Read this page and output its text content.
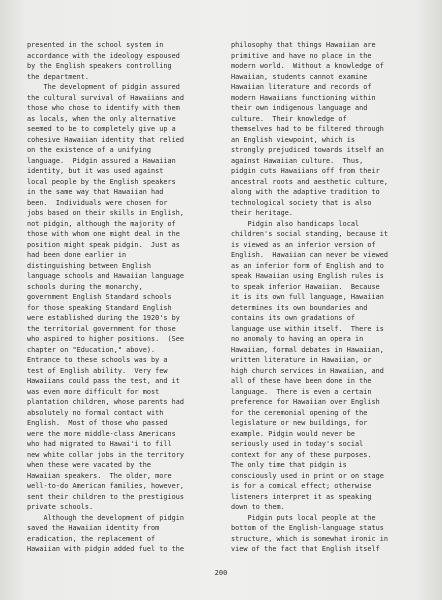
presented in the school system in
accordance with the ideology espoused
by the English speakers controlling
the department.
The development of pidgin assured
the cultural survival of Hawaiians and
those who chose to identify with them
as locals, when the only alternative
seemed to be to completely give up a
cohesive Hawaiian identity that relied
on the existence of a unifying
language.  Pidgin assured a Hawaiian
identity, but it was used against
local people by the English speakers
in the same way that Hawaiian had
been.  Individuals were chosen for
jobs based on their skills in English,
not pidgin, although the majority of
those with whom one might deal in the
position might speak pidgin.  Just as
had been done earlier in
distinguishing between English
language schools and Hawaiian language
schools during the monarchy,
government English Standard schools
for those speaking Standard English
were established during the 1920's by
the territorial government for those
who aspired to higher positions.  (See
chapter on "Education," above).
Entrance to these schools was by a
test of English ability.  Very few
Hawaiians could pass the test, and it
was even more difficult for most
plantation children, whose parents had
absolutely no formal contact with
English.  Most of those who passed
were the more middle-class Americans
who had migrated to Hawai'i to fill
new white collar jobs in the territory
when these were vacated by the
Hawaiian speakers.  The older, more
well-to-do American families, however,
sent their children to the prestigious
private schools.
Although the development of pidgin
saved the Hawaiian identity from
eradication, the replacement of
Hawaiian with pidgin added fuel to the
philosophy that things Hawaiian are
primitive and have no place in the
modern world.  Without a knowledge of
Hawaiian, students cannot examine
Hawaiian literature and records of
modern Hawaiians functioning within
their own indigenous language and
culture.  Their knowledge of
themselves had to be filtered through
an English viewpoint, which is
strongly prejudiced towards itself an
against Hawaiian culture.  Thus,
pidgin cuts Hawaiians off from their
ancestral roots and aesthetic culture,
along with the adaptive tradition to
technological society that is also
their heritage.
Pidgin also handicaps local
children's social standing, because it
is viewed as an inferior version of
English.  Hawaiian can never be viewed
as an inferior form of English and to
speak Hawaiian using English rules is
to speak inferior Hawaiian.  Because
it is its own full language, Hawaiian
determines its own boundaries and
contains its own gradations of
language use within itself.  There is
no anomaly to having an opera in
Hawaiian, formal debates in Hawaiian,
written literature in Hawaiian, or
high church services in Hawaiian, and
all of these have been done in the
language.  There is even a certain
preference for Hawaiian over English
for the ceremonial opening of the
legislature or new buildings, for
example. Pidgin would never be
seriously used in today's social
context for any of these purposes.
The only time that pidgin is
consciously used in print or on stage
is for a comical effect; otherwise
listeners interpret it as speaking
down to them.
Pidgin puts local people at the
bottom of the English-language status
structure, which is somewhat ironic in
view of the fact that English itself
200
